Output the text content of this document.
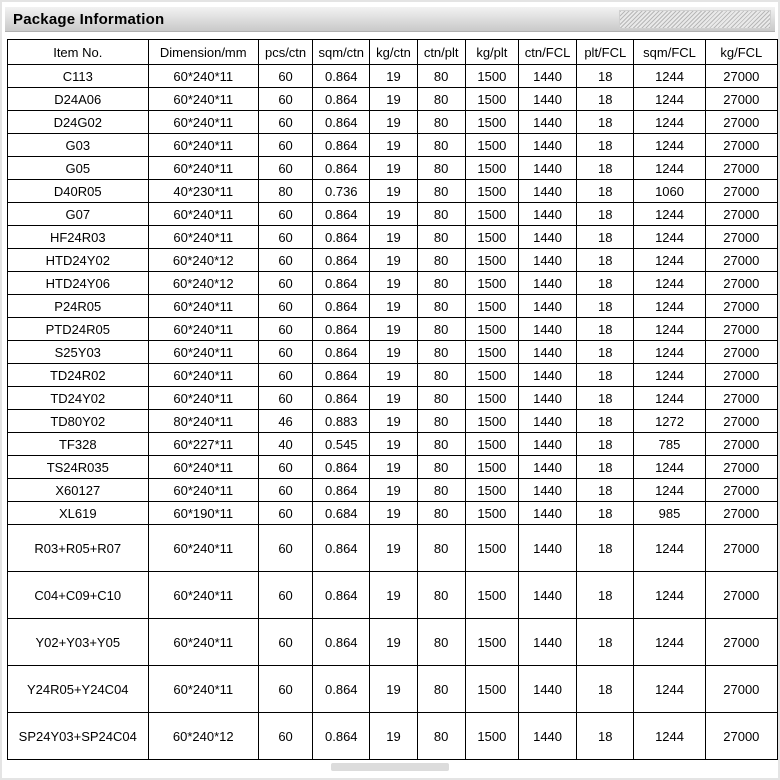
Package Information
Item No.	Dimension/mm	pcs/ctn	sqm/ctn	kg/ctn	ctn/plt	kg/plt	ctn/FCL	plt/FCL	sqm/FCL	kg/FCL
C113	60*240*11	60	0.864	19	80	1500	1440	18	1244	27000
D24A06	60*240*11	60	0.864	19	80	1500	1440	18	1244	27000
D24G02	60*240*11	60	0.864	19	80	1500	1440	18	1244	27000
G03	60*240*11	60	0.864	19	80	1500	1440	18	1244	27000
G05	60*240*11	60	0.864	19	80	1500	1440	18	1244	27000
D40R05	40*230*11	80	0.736	19	80	1500	1440	18	1060	27000
G07	60*240*11	60	0.864	19	80	1500	1440	18	1244	27000
HF24R03	60*240*11	60	0.864	19	80	1500	1440	18	1244	27000
HTD24Y02	60*240*12	60	0.864	19	80	1500	1440	18	1244	27000
HTD24Y06	60*240*12	60	0.864	19	80	1500	1440	18	1244	27000
P24R05	60*240*11	60	0.864	19	80	1500	1440	18	1244	27000
PTD24R05	60*240*11	60	0.864	19	80	1500	1440	18	1244	27000
S25Y03	60*240*11	60	0.864	19	80	1500	1440	18	1244	27000
TD24R02	60*240*11	60	0.864	19	80	1500	1440	18	1244	27000
TD24Y02	60*240*11	60	0.864	19	80	1500	1440	18	1244	27000
TD80Y02	80*240*11	46	0.883	19	80	1500	1440	18	1272	27000
TF328	60*227*11	40	0.545	19	80	1500	1440	18	785	27000
TS24R035	60*240*11	60	0.864	19	80	1500	1440	18	1244	27000
X60127	60*240*11	60	0.864	19	80	1500	1440	18	1244	27000
XL619	60*190*11	60	0.684	19	80	1500	1440	18	985	27000
R03+R05+R07	60*240*11	60	0.864	19	80	1500	1440	18	1244	27000
C04+C09+C10	60*240*11	60	0.864	19	80	1500	1440	18	1244	27000
Y02+Y03+Y05	60*240*11	60	0.864	19	80	1500	1440	18	1244	27000
Y24R05+Y24C04	60*240*11	60	0.864	19	80	1500	1440	18	1244	27000
SP24Y03+SP24C04	60*240*12	60	0.864	19	80	1500	1440	18	1244	27000
